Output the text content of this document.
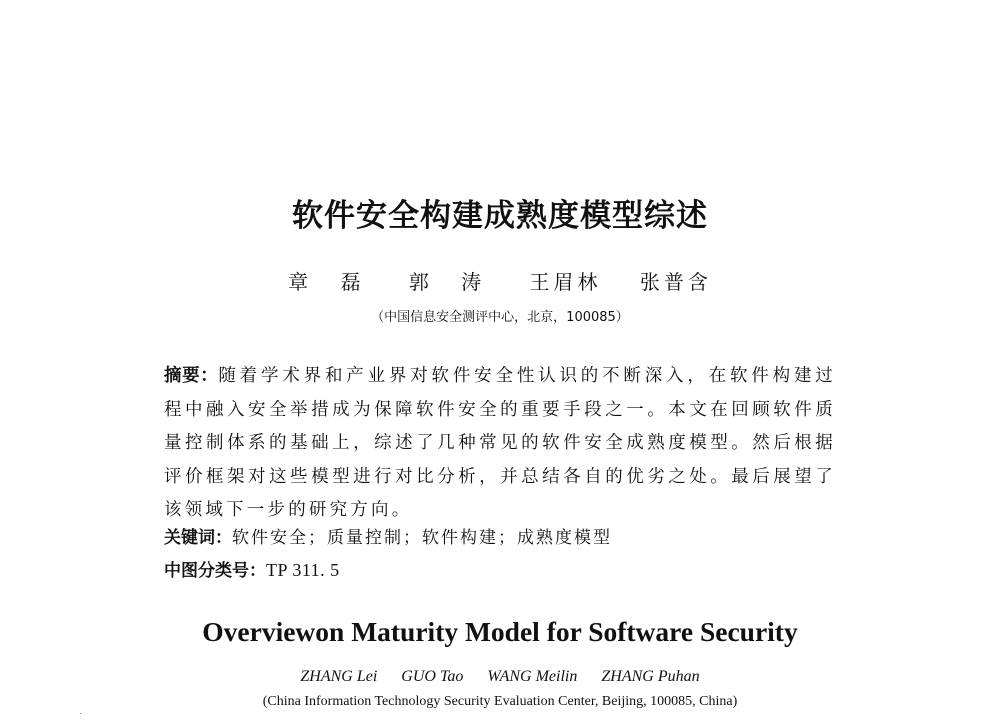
软件安全构建成熟度模型综述
章 磊 郭 涛 王眉林 张普含
（中国信息安全测评中心，北京，100085）
摘要：随着学术界和产业界对软件安全性认识的不断深入，在软件构建过程中融入安全举措成为保障软件安全的重要手段之一。本文在回顾软件质量控制体系的基础上，综述了几种常见的软件安全成熟度模型。然后根据评价框架对这些模型进行对比分析，并总结各自的优劣之处。最后展望了该领域下一步的研究方向。
关键词：软件安全；质量控制；软件构建；成熟度模型
中图分类号：TP 311. 5
Overviewon Maturity Model for Software Security
ZHANG Lei GUO Tao WANG Meilin ZHANG Puhan
(China Information Technology Security Evaluation Center, Beijing, 100085, China)
